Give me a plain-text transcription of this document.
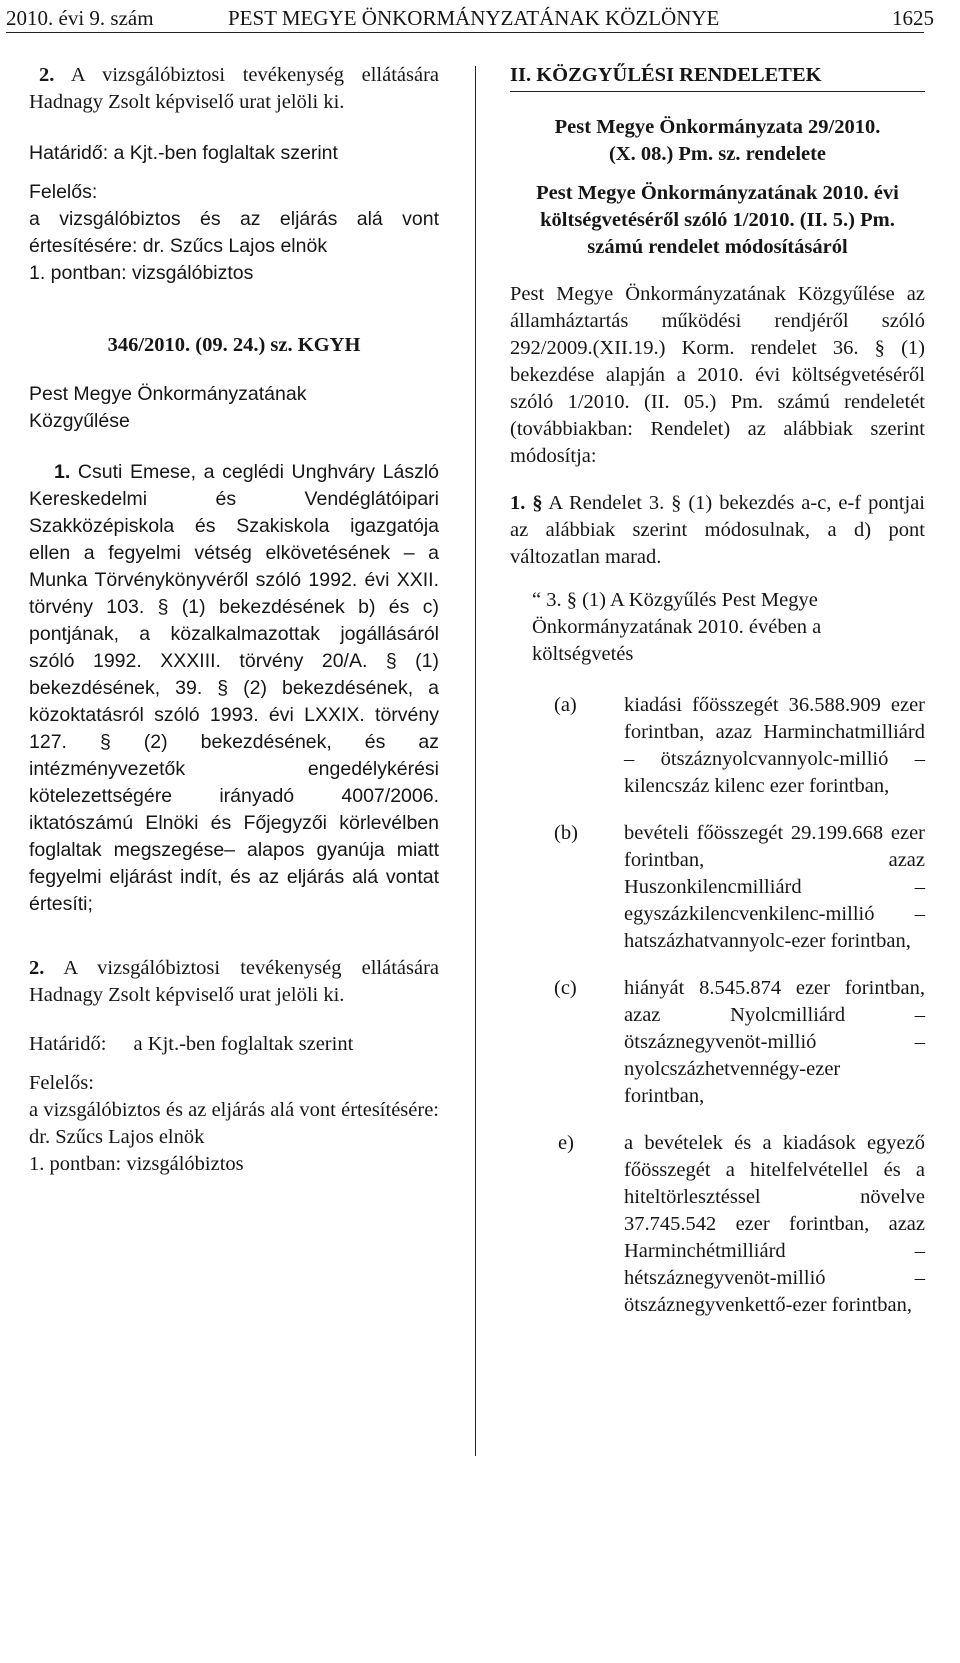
2010. évi 9. szám	PEST MEGYE ÖNKORMÁNYZATÁNAK KÖZLÖNYE	1625

2. A vizsgálóbiztosi tevékenység ellátására Hadnagy Zsolt képviselő urat jelöli ki.

Határidő: a Kjt.-ben foglaltak szerint

Felelős:

a vizsgálóbiztos és az eljárás alá vont értesítésére: dr. Szűcs Lajos elnök

1. pontban: vizsgálóbiztos

346/2010. (09. 24.) sz. KGYH

Pest Megye Önkormányzatának Közgyűlése

1. Csuti Emese, a ceglédi Unghváry László Kereskedelmi és Vendéglátóipari Szakközépiskola és Szakiskola igazgatója ellen a fegyelmi vétség elkövetésének – a Munka Törvénykönyvéről szóló 1992. évi XXII. törvény 103. § (1) bekezdésének b) és c) pontjának, a közalkalmazottak jogállásáról szóló 1992. XXXIII. törvény 20/A. § (1) bekezdésének, 39. § (2) bekezdésének, a közoktatásról szóló 1993. évi LXXIX. törvény 127. § (2) bekezdésének, és az intézményvezetők engedélykérési kötelezettségére irányadó 4007/2006. iktatószámú Elnöki és Főjegyzői körlevélben foglaltak megszegése– alapos gyanúja miatt fegyelmi eljárást indít, és az eljárás alá vontat értesíti;

2. A vizsgálóbiztosi tevékenység ellátására Hadnagy Zsolt képviselő urat jelöli ki.

Határidő: a Kjt.-ben foglaltak szerint

Felelős:

a vizsgálóbiztos és az eljárás alá vont értesítésére: dr. Szűcs Lajos elnök

1. pontban: vizsgálóbiztos

II. KÖZGYŰLÉSI RENDELETEK

Pest Megye Önkormányzata 29/2010.

(X. 08.) Pm. sz. rendelete

Pest Megye Önkormányzatának 2010. évi költségvetéséről szóló 1/2010. (II. 5.) Pm. számú rendelet módosításáról

Pest Megye Önkormányzatának Közgyűlése az államháztartás működési rendjéről szóló 292/2009.(XII.19.) Korm. rendelet 36. § (1) bekezdése alapján a 2010. évi költségvetéséről szóló 1/2010. (II. 05.) Pm. számú rendeletét (továbbiakban: Rendelet) az alábbiak szerint módosítja:

1. § A Rendelet 3. § (1) bekezdés a-c, e-f pontjai az alábbiak szerint módosulnak, a d) pont változatlan marad.

“ 3. § (1) A Közgyűlés Pest Megye Önkormányzatának 2010. évében a költségvetés

(a) kiadási főösszegét 36.588.909 ezer forintban, azaz Harminchatmilliárd – ötszáznyolcvannyolc-millió – kilencszáz kilenc ezer forintban,

(b) bevételi főösszegét 29.199.668 ezer forintban, azaz Huszonkilencmilliárd – egyszázkilencvenkilenc-millió –hatszázhatvannyolc-ezer forintban,

(c) hiányát 8.545.874 ezer forintban, azaz Nyolcmilliárd – ötszáznegyvenöt-millió – nyolcszázhetvennégy-ezer forintban,

e) a bevételek és a kiadások egyező főösszegét a hitelfelvétellel és a hiteltörlesztéssel növelve 37.745.542 ezer forintban, azaz Harminchétmilliárd – hétszáznegyvenöt-millió – ötszáznegyvenkettő-ezer forintban,
